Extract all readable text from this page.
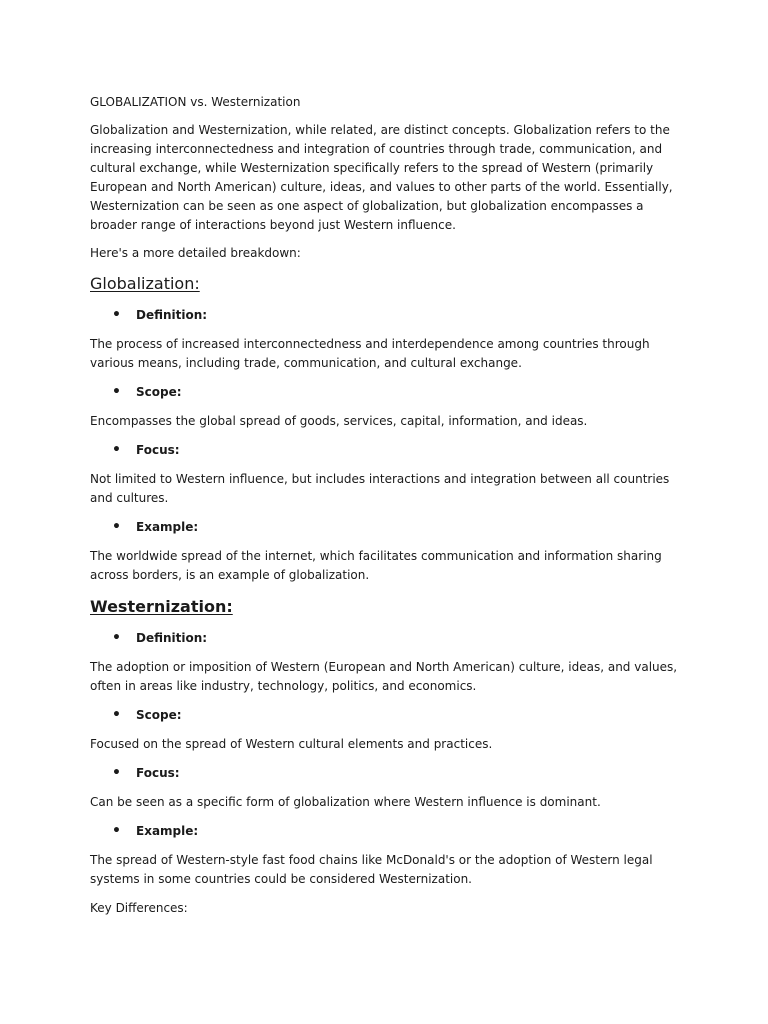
GLOBALIZATION vs. Westernization

Globalization and Westernization, while related, are distinct concepts. Globalization refers to the increasing interconnectedness and integration of countries through trade, communication, and cultural exchange, while Westernization specifically refers to the spread of Western (primarily European and North American) culture, ideas, and values to other parts of the world. Essentially, Westernization can be seen as one aspect of globalization, but globalization encompasses a broader range of interactions beyond just Western influence.

Here's a more detailed breakdown:

Globalization:
•	Definition:
The process of increased interconnectedness and interdependence among countries through various means, including trade, communication, and cultural exchange.
•	Scope:
Encompasses the global spread of goods, services, capital, information, and ideas.
•	Focus:
Not limited to Western influence, but includes interactions and integration between all countries and cultures.
•	Example:
The worldwide spread of the internet, which facilitates communication and information sharing across borders, is an example of globalization.
Westernization:
•	Definition:
The adoption or imposition of Western (European and North American) culture, ideas, and values, often in areas like industry, technology, politics, and economics.
•	Scope:
Focused on the spread of Western cultural elements and practices.
•	Focus:
Can be seen as a specific form of globalization where Western influence is dominant.
•	Example:
The spread of Western-style fast food chains like McDonald's or the adoption of Western legal systems in some countries could be considered Westernization.

Key Differences:
